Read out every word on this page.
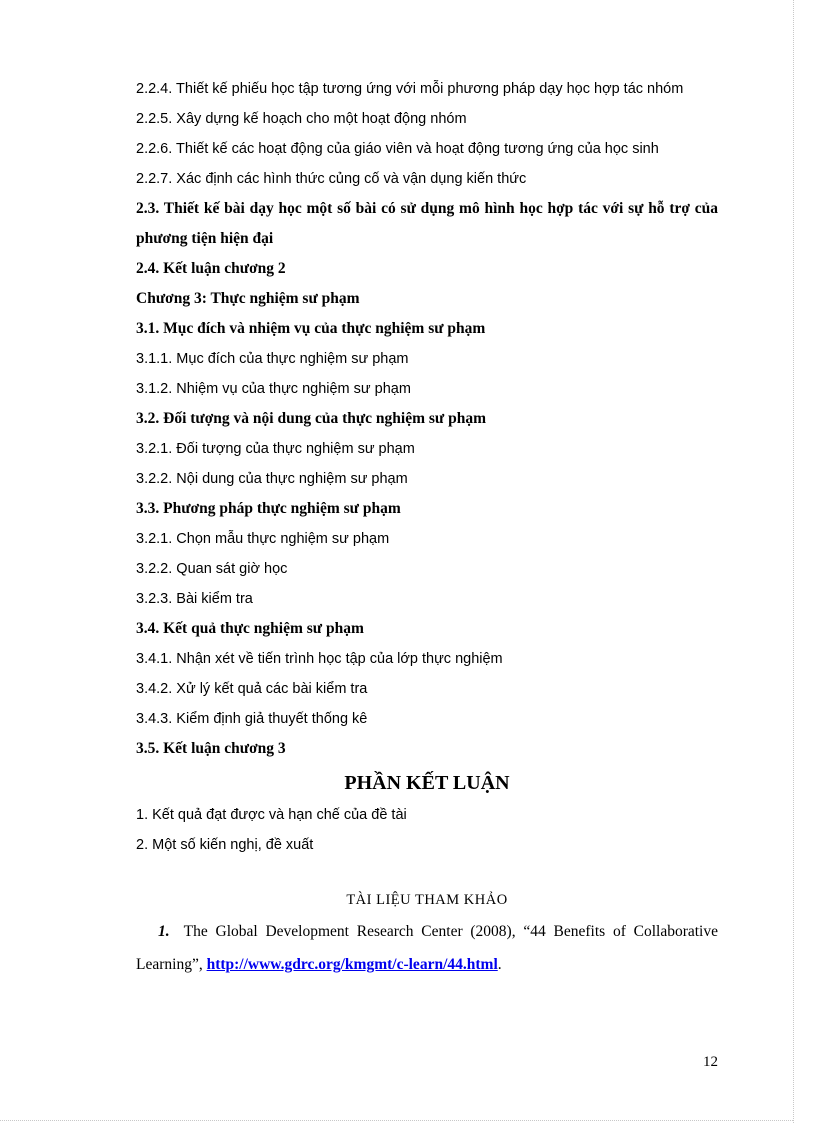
2.2.4. Thiết kế phiếu học tập tương ứng với mỗi phương pháp dạy học hợp tác nhóm
2.2.5. Xây dựng kế hoạch cho một hoạt động nhóm
2.2.6. Thiết kế các hoạt động của giáo viên và hoạt động tương ứng của học sinh
2.2.7. Xác định các hình thức củng cố và vận dụng kiến thức
2.3. Thiết kế bài dạy học một số bài có sử dụng mô hình học hợp tác với sự hỗ trợ của phương tiện hiện đại
2.4. Kết luận chương 2
Chương 3: Thực nghiệm sư phạm
3.1. Mục đích và nhiệm vụ của thực nghiệm sư phạm
3.1.1. Mục đích của thực nghiệm sư phạm
3.1.2. Nhiệm vụ của thực nghiệm sư phạm
3.2. Đối tượng và nội dung của thực nghiệm sư phạm
3.2.1. Đối tượng của thực nghiệm sư phạm
3.2.2. Nội dung của thực nghiệm sư phạm
3.3. Phương pháp thực nghiệm sư phạm
3.2.1. Chọn mẫu thực nghiệm sư phạm
3.2.2. Quan sát giờ học
3.2.3. Bài kiểm tra
3.4. Kết quả thực nghiệm sư phạm
3.4.1. Nhận xét về tiến trình học tập của lớp thực nghiệm
3.4.2. Xử lý kết quả các bài kiểm tra
3.4.3. Kiểm định giả thuyết thống kê
3.5. Kết luận chương 3
PHẦN KẾT LUẬN
1. Kết quả đạt được và hạn chế của đề tài
2. Một số kiến nghị, đề xuất
TÀI LIỆU THAM KHẢO
1. The Global Development Research Center (2008), “44 Benefits of Collaborative Learning”, http://www.gdrc.org/kmgmt/c-learn/44.html.
12
